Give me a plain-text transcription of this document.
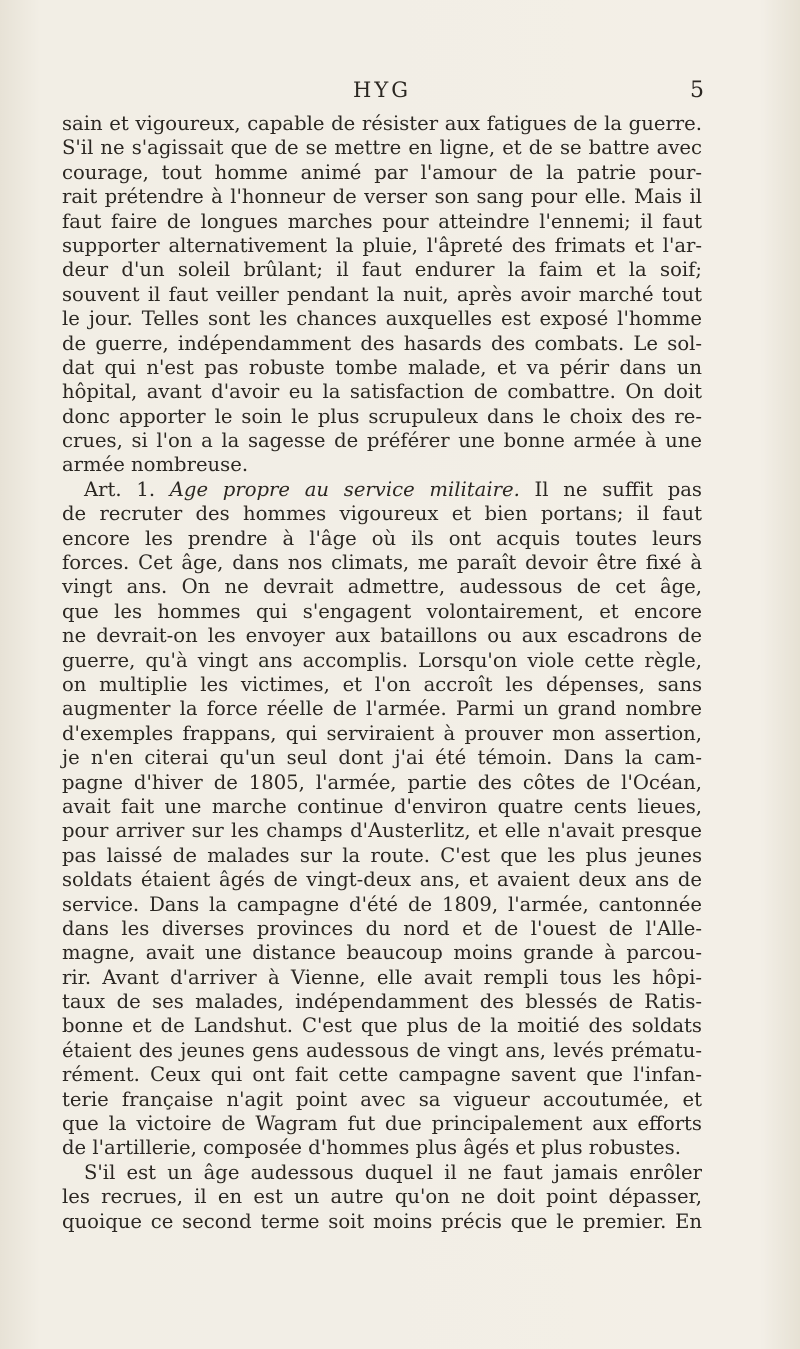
HYG	5
sain et vigoureux, capable de résister aux fatigues de la guerre.
S'il ne s'agissait que de se mettre en ligne, et de se battre avec
courage, tout homme animé par l'amour de la patrie pour-
rait prétendre à l'honneur de verser son sang pour elle. Mais il
faut faire de longues marches pour atteindre l'ennemi; il faut
supporter alternativement la pluie, l'âpreté des frimats et l'ar-
deur d'un soleil brûlant; il faut endurer la faim et la soif;
souvent il faut veiller pendant la nuit, après avoir marché tout
le jour. Telles sont les chances auxquelles est exposé l'homme
de guerre, indépendamment des hasards des combats. Le sol-
dat qui n'est pas robuste tombe malade, et va périr dans un
hôpital, avant d'avoir eu la satisfaction de combattre. On doit
donc apporter le soin le plus scrupuleux dans le choix des re-
crues, si l'on a la sagesse de préférer une bonne armée à une
armée nombreuse.
Art. 1. Age propre au service militaire. Il ne suffit pas
de recruter des hommes vigoureux et bien portans; il faut
encore les prendre à l'âge où ils ont acquis toutes leurs
forces. Cet âge, dans nos climats, me paraît devoir être fixé à
vingt ans. On ne devrait admettre, audessous de cet âge,
que les hommes qui s'engagent volontairement, et encore
ne devrait-on les envoyer aux bataillons ou aux escadrons de
guerre, qu'à vingt ans accomplis. Lorsqu'on viole cette règle,
on multiplie les victimes, et l'on accroît les dépenses, sans
augmenter la force réelle de l'armée. Parmi un grand nombre
d'exemples frappans, qui serviraient à prouver mon assertion,
je n'en citerai qu'un seul dont j'ai été témoin. Dans la cam-
pagne d'hiver de 1805, l'armée, partie des côtes de l'Océan,
avait fait une marche continue d'environ quatre cents lieues,
pour arriver sur les champs d'Austerlitz, et elle n'avait presque
pas laissé de malades sur la route. C'est que les plus jeunes
soldats étaient âgés de vingt-deux ans, et avaient deux ans de
service. Dans la campagne d'été de 1809, l'armée, cantonnée
dans les diverses provinces du nord et de l'ouest de l'Alle-
magne, avait une distance beaucoup moins grande à parcou-
rir. Avant d'arriver à Vienne, elle avait rempli tous les hôpi-
taux de ses malades, indépendamment des blessés de Ratis-
bonne et de Landshut. C'est que plus de la moitié des soldats
étaient des jeunes gens audessous de vingt ans, levés prématu-
rément. Ceux qui ont fait cette campagne savent que l'infan-
terie française n'agit point avec sa vigueur accoutumée, et
que la victoire de Wagram fut due principalement aux efforts
de l'artillerie, composée d'hommes plus âgés et plus robustes.
S'il est un âge audessous duquel il ne faut jamais enrôler
les recrues, il en est un autre qu'on ne doit point dépasser,
quoique ce second terme soit moins précis que le premier. En
